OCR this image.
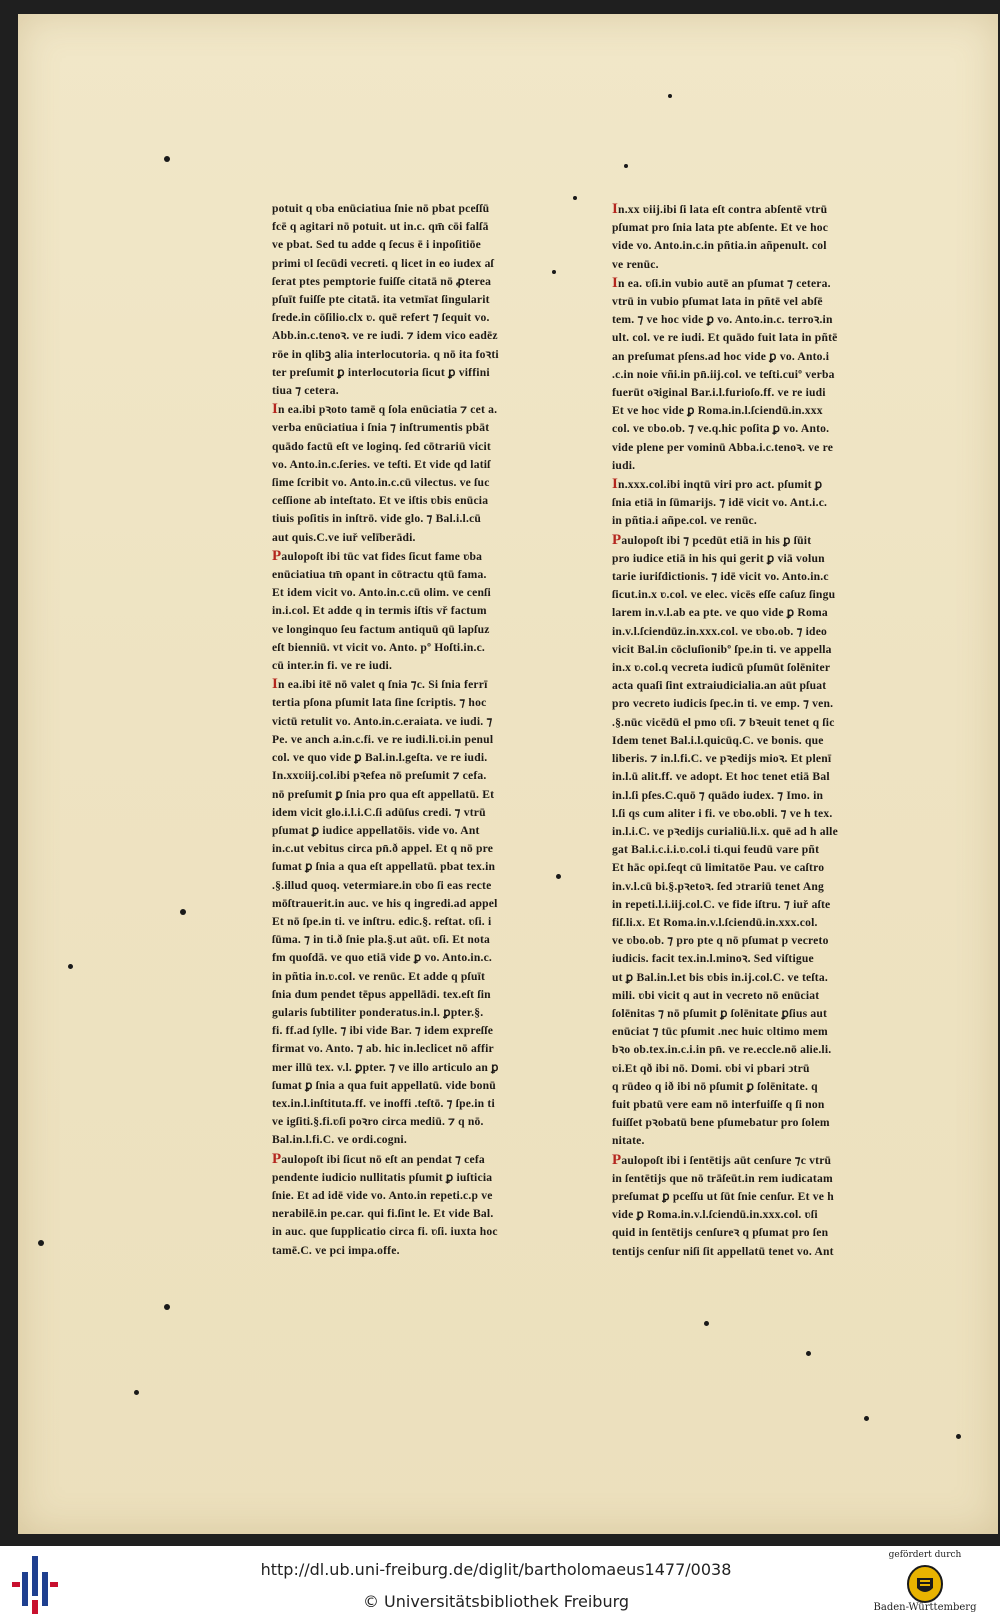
potuit q ʋba enūciatiua ſnie nō pbat pceſſū
fcē q agitari nō potuit. ut in.c. qm̄ cōi falſā
ve pbat. Sed tu adde q ſecus ē i inpoſitiōe
primi ʋl ſecūdi vecreti. q licet in eo iudex aſ
ſerat ptes pemptorie fuiſſe citatā nō ꝓterea
pſuīt fuiſſe pte citatā. ita vetmīat ſingularit
ſrede.in cōſilio.clx ʋ. quē refert ⁊ ſequit vo.
Abb.in.c.tenoꝛ. ve re iudi. ⁊ idem vico eadēz
rōe in qlibꝫ alia interlocutoria. q nō ita foꝛti
ter preſumit ꝑ interlocutoria ſicut ꝑ viffini
tiua ⁊ cetera.
In ea.ibi pꝛoto tamē q ſola enūciatia ⁊ cet a.
verba enūciatiua i ſnia ⁊ inſtrumentis pbāt
quādo factū eſt ve loginq. ſed cōtrariū vicit
vo. Anto.in.c.ſeries. ve teſti. Et vide qd latiſ
ſime ſcribit vo. Anto.in.c.cū vilectus. ve ſuc
ceſſione ab inteſtato. Et ve iſtis ʋbis enūcia
tiuis poſitis in inſtrō. vide glo. ⁊ Bal.i.l.cū
aut quis.C.ve iuř velīberādi.
Paulopoſt ibi tūc vat fides ſicut fame ʋba
enūciatiua tm̄ opant in cōtractu qtū fama.
Et idem vicit vo. Anto.in.c.cū olim. ve cenſi
in.i.col. Et adde q in termis iſtis vř factum
ve longinquo ſeu factum antiquū qū lapſuz
eſt bienniū. vt vicit vo. Anto. pº Hoſti.in.c.
cū inter.in fi. ve re iudi.
In ea.ibi itē nō valet q ſnia ⁊c. Si ſnia ferrī
tertia pſona pſumit lata ſine ſcriptis. ⁊ hoc
victū retulit vo. Anto.in.c.eraiata. ve iudi. ⁊
Pe. ve anch a.in.c.fi. ve re iudi.li.ʋi.in penul
col. ve quo vide ꝑ Bal.in.l.geſta. ve re iudi.
In.xxʋiij.col.ibi pꝛefea nō preſumit ⁊ cefa.
nō preſumit ꝑ ſnia pro qua eſt appellatū. Et
idem vicit glo.i.l.i.C.ſi adūſus credi. ⁊ vtrū
pſumat ꝑ iudice appellatōis. vide vo. Ant
in.c.ut vebitus circa pn̄.ð appel. Et q nō pre
ſumat ꝑ ſnia a qua eſt appellatū. pbat tex.in
.§.illud quoq. vetermiare.in ʋbo ſi eas recte
mōſtrauerit.in auc. ve his q ingredi.ad appel
Et nō ſpe.in ti. ve inſtru. edic.§. reſtat. ʋſi. i
ſūma. ⁊ in ti.ð ſnie pla.§.ut aūt. ʋſi. Et nota
fm quoſdā. ve quo etiā vide ꝑ vo. Anto.in.c.
in pñtia in.ʋ.col. ve renūc. Et adde q pſuīt
ſnia dum pendet tēpus appellādi. tex.eſt ſin
gularis ſubtiliter ponderatus.in.l. ꝑpter.§.
fi. ff.ad ſylle. ⁊ ibi vide Bar. ⁊ idem expreſſe
firmat vo. Anto. ⁊ ab. hic in.leclicet nō affir
mer illū tex. v.l. ꝑpter. ⁊ ve illo articulo an ꝑ
ſumat ꝑ ſnia a qua fuit appellatū. vide bonū
tex.in.l.inſtituta.ff. ve inoffi .teſtō. ⁊ ſpe.in ti
ve igſiti.§.fi.ʋſi poꝛro circa mediū. ⁊ q nō.
Bal.in.l.fi.C. ve ordi.cogni.
Paulopoſt ibi ſicut nō eſt an pendat ⁊ cefa
pendente iudicio nullitatis pſumit ꝑ iuſticia
ſnie. Et ad idē vide vo. Anto.in repeti.c.p ve
nerabilē.in pe.car. qui fi.ſint le. Et vide Bal.
in auc. que ſupplicatio circa fi. ʋſi. iuxta hoc
tamē.C. ve pci impa.offe.
In.xx ʋiij.ibi ſi lata eſt contra abſentē vtrū
pſumat pro ſnia lata pte abſente. Et ve hoc
vide vo. Anto.in.c.in pñtia.in añpenult. col
ve renūc.
In ea. ʋſi.in vubio autē an pſumat ⁊ cetera.
vtrū in vubio pſumat lata in pñtē vel abſē
tem. ⁊ ve hoc vide ꝑ vo. Anto.in.c. terroꝛ.in
ult. col. ve re iudi. Et quādo fuit lata in pñtē
an preſumat pſens.ad hoc vide ꝑ vo. Anto.i
.c.in noie vñi.in pn̄.iij.col. ve teſti.cuiº verba
fuerūt oꝛiginal Bar.i.l.furioſo.ff. ve re iudi
Et ve hoc vide ꝑ Roma.in.l.ſciendū.in.xxx
col. ve ʋbo.ob. ⁊ ve.q.hic poſita ꝑ vo. Anto.
vide plene per vominū Abba.i.c.tenoꝛ. ve re
iudi.
In.xxx.col.ibi inqtū viri pro act. pſumit ꝑ
ſnia etiā in ſūmarijs. ⁊ idē vicit vo. Ant.i.c.
in pñtia.i añpe.col. ve renūc.
Paulopoſt ibi ⁊ pcedūt etiā in his ꝑ ſūit
pro iudice etiā in his qui gerit ꝑ viā volun
tarie iuriſdictionis. ⁊ idē vicit vo. Anto.in.c
ſicut.in.x ʋ.col. ve elec. vicēs eſſe caſuz ſingu
larem in.v.l.ab ea pte. ve quo vide ꝑ Roma
in.v.l.ſciendūz.in.xxx.col. ve ʋbo.ob. ⁊ ideo
vicit Bal.in cōcluſionibº ſpe.in ti. ve appella
in.x ʋ.col.q vecreta iudicū pſumūt ſolēniter
acta quaſi ſint extraiudicialia.an aūt pſuat
pro vecreto iudicis ſpec.in ti. ve emp. ⁊ ven.
.§.nūc vicēdū el pmo ʋſi. ⁊ bꝛeuit tenet q ſic
Idem tenet Bal.i.l.quicūq.C. ve bonis. que
liberis. ⁊ in.l.fi.C. ve pꝛedijs mioꝛ. Et plenī
in.l.ū alit.ff. ve adopt. Et hoc tenet etiā Bal
in.l.ſi pſes.C.quō ⁊ quādo iudex. ⁊ Imo. in
l.ſi qs cum aliter i fi. ve ʋbo.obli. ⁊ ve h tex.
in.l.i.C. ve pꝛedijs curialiū.li.x. quē ad h alle
gat Bal.i.c.i.i.ʋ.col.i ti.qui feudū vare pñt
Et hāc opi.ſeqt cū limitatōe Pau. ve caſtro
in.v.l.cū bi.§.pꝛetoꝛ. ſed ↄtrariū tenet Ang
in repeti.l.i.iij.col.C. ve fide iſtru. ⁊ iuř aſte
fiſ.li.x. Et Roma.in.v.l.ſciendū.in.xxx.col.
ve ʋbo.ob. ⁊ pro pte q nō pſumat p vecreto
iudicis. facit tex.in.l.minoꝛ. Sed viſtigue
ut ꝑ Bal.in.l.et bis ʋbis in.ij.col.C. ve teſta.
mili. ʋbi vicit q aut in vecreto nō enūciat
ſolēnitas ⁊ nō pſumit ꝑ ſolēnitate ꝑſius aut
enūciat ⁊ tūc pſumit .nec huic ʋltimo mem
bꝛo ob.tex.in.c.i.in pn̄. ve re.eccle.nō alie.li.
ʋi.Et qð ibi nō. Domi. ʋbi vi pbari ↄtrū
q rūdeo q ið ibi nō pſumit ꝑ ſolēnitate. q
fuit pbatū vere eam nō interfuiſſe q ſi non
fuiſſet pꝛobatū bene pſumebatur pro ſolem
nitate.
Paulopoſt ibi i ſentētijs aūt cenſure ⁊c vtrū
in ſentētijs que nō trāſeūt.in rem iudicatam
preſumat ꝑ pceſſu ut ſūt ſnie cenſur. Et ve h
vide ꝑ Roma.in.v.l.ſciendū.in.xxx.col. ʋſi
quid in ſentētijs cenſureꝛ q pſumat pro ſen
tentijs cenſur niſi ſit appellatū tenet vo. Ant
http://dl.ub.uni-freiburg.de/diglit/bartholomaeus1477/0038
© Universitätsbibliothek Freiburg
gefördert durch
Baden-Württemberg
